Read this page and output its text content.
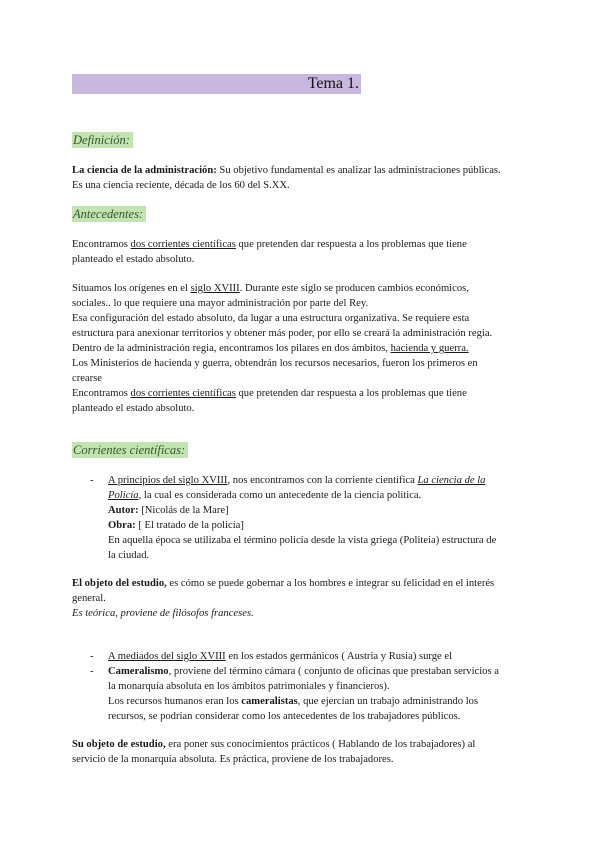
Tema 1.
Definición:
La ciencia de la administración: Su objetivo fundamental es analizar las administraciones públicas.
Es una ciencia reciente, década de los 60 del S.XX.
Antecedentes:
Encontramos dos corrientes científicas que pretenden dar respuesta a los problemas que tiene
planteado el estado absoluto.
Situamos los orígenes en el siglo XVIII. Durante este siglo se producen cambios económicos,
sociales.. lo que requiere una mayor administración por parte del Rey.
Esa configuración del estado absoluto, da lugar a una estructura organizativa. Se requiere esta
estructura para anexionar territorios y obtener más poder, por ello se creará la administración regia.
Dentro de la administración regia, encontramos los pilares en dos ámbitos, hacienda y guerra.
Los Ministerios de hacienda y guerra, obtendrán los recursos necesarios, fueron los primeros en
crearse
Encontramos dos corrientes científicas que pretenden dar respuesta a los problemas que tiene
planteado el estado absoluto.
Corrientes científicas:
- A principios del siglo XVIII, nos encontramos con la corriente científica La ciencia de la
Policía, la cual es considerada como un antecedente de la ciencia política.
Autor: [Nicolás de la Mare]
Obra: [ El tratado de la policía]
En aquella época se utilizaba el término policía desde la vista griega (Politeia) estructura de
la ciudad.
El objeto del estudio, es cómo se puede gobernar a los hombres e integrar su felicidad en el interés
general.
Es teórica, proviene de filósofos franceses.
- A mediados del siglo XVIII en los estados germánicos ( Austria y Rusia) surge el
- Cameralismo, proviene del término cámara ( conjunto de oficinas que prestaban servicios a
la monarquía absoluta en los ámbitos patrimoniales y financieros).
Los recursos humanos eran los cameralistas, que ejercían un trabajo administrando los
recursos, se podrían considerar como los antecedentes de los trabajadores públicos.
Su objeto de estudio, era poner sus conocimientos prácticos ( Hablando de los trabajadores) al
servicio de la monarquía absoluta. Es práctica, proviene de los trabajadores.
